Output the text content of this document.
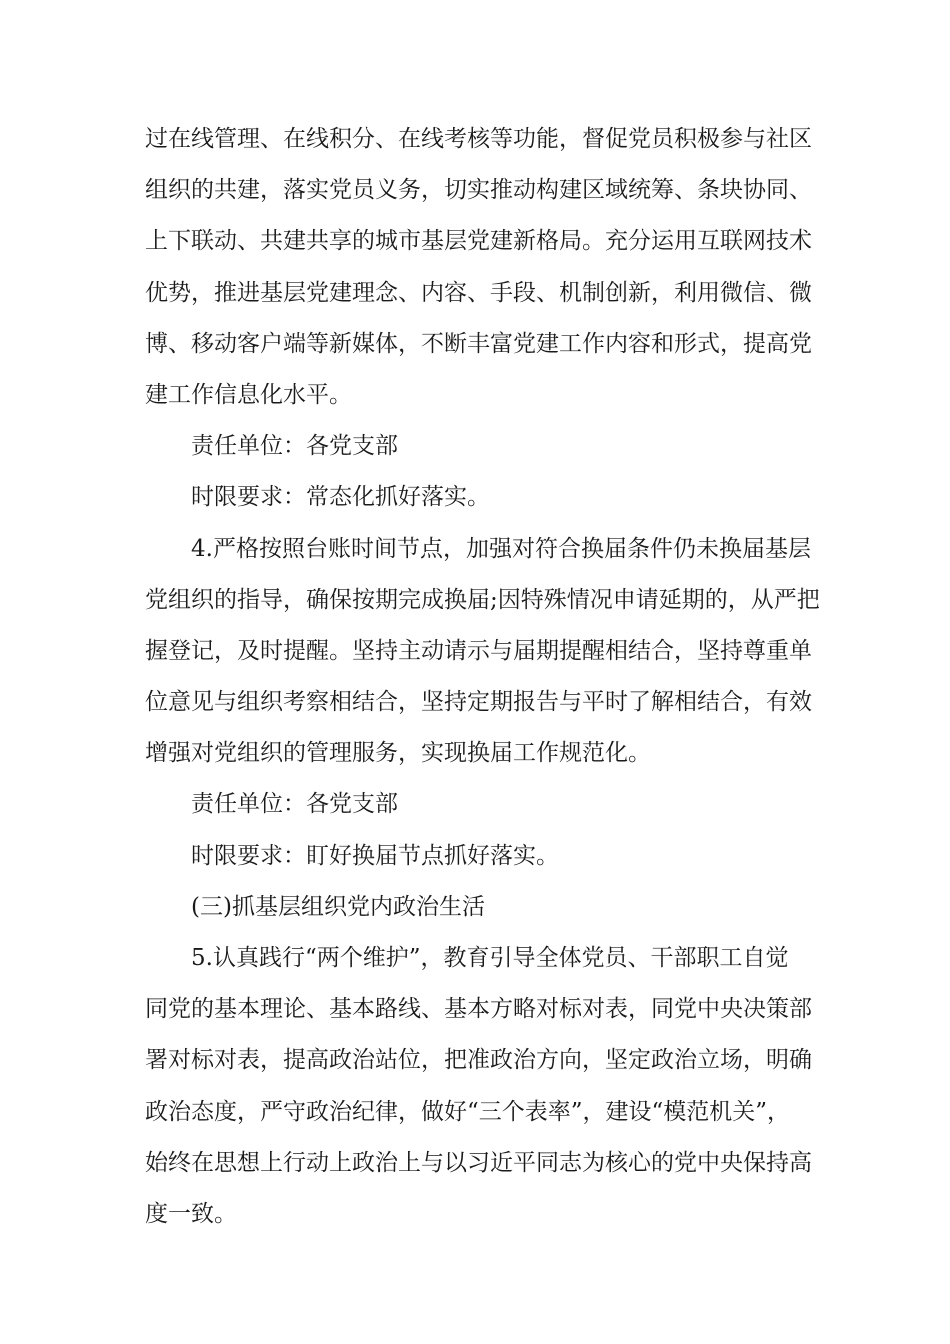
过在线管理、在线积分、在线考核等功能，督促党员积极参与社区
组织的共建，落实党员义务，切实推动构建区域统筹、条块协同、
上下联动、共建共享的城市基层党建新格局。充分运用互联网技术
优势，推进基层党建理念、内容、手段、机制创新，利用微信、微
博、移动客户端等新媒体，不断丰富党建工作内容和形式，提高党
建工作信息化水平。
责任单位：各党支部
时限要求：常态化抓好落实。
4.严格按照台账时间节点，加强对符合换届条件仍未换届基层
党组织的指导，确保按期完成换届;因特殊情况申请延期的，从严把
握登记，及时提醒。坚持主动请示与届期提醒相结合，坚持尊重单
位意见与组织考察相结合，坚持定期报告与平时了解相结合，有效
增强对党组织的管理服务，实现换届工作规范化。
责任单位：各党支部
时限要求：盯好换届节点抓好落实。
(三)抓基层组织党内政治生活
5.认真践行“两个维护”，教育引导全体党员、干部职工自觉
同党的基本理论、基本路线、基本方略对标对表，同党中央决策部
署对标对表，提高政治站位，把准政治方向，坚定政治立场，明确
政治态度，严守政治纪律，做好“三个表率”，建设“模范机关”，
始终在思想上行动上政治上与以习近平同志为核心的党中央保持高
度一致。
